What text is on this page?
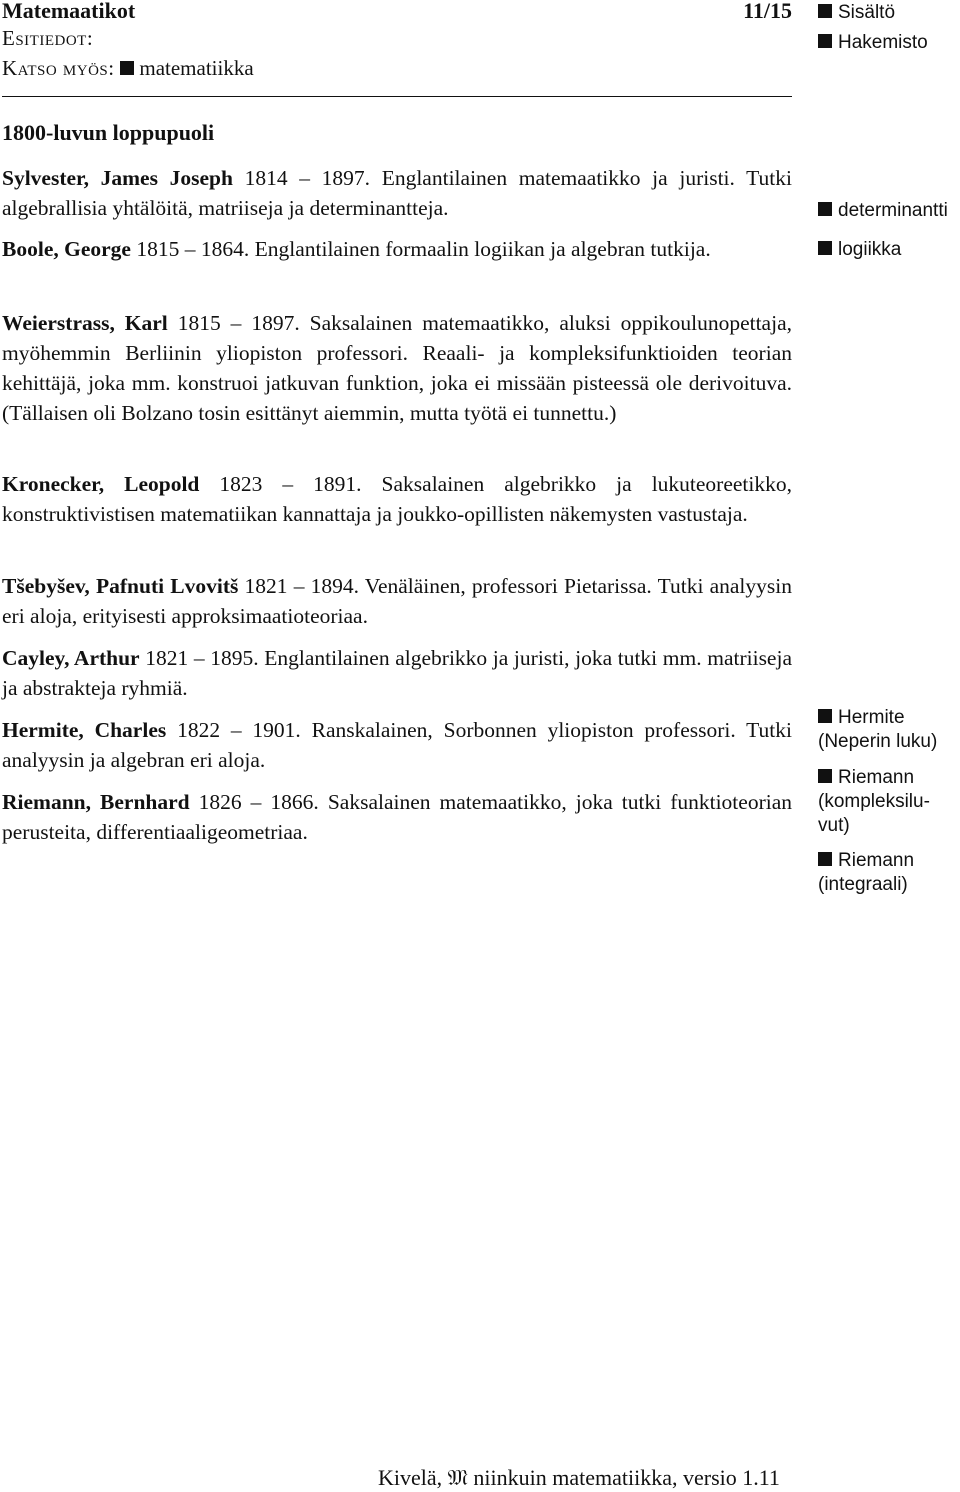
Matemaatikot	11/15
Esitiedot:
Katso myös: matematiikka
1800-luvun loppupuoli
Sylvester, James Joseph 1814 – 1897. Englantilainen matemaatikko ja juristi. Tutki algebrallisia yhtälöitä, matriiseja ja determinantteja.
Boole, George 1815 – 1864. Englantilainen formaalin logiikan ja algebran tutkija.
Weierstrass, Karl 1815 – 1897. Saksalainen matemaatikko, aluksi oppikoulunopettaja, myöhemmin Berliinin yliopiston professori. Reaali- ja kompleksifunktioiden teorian kehittäjä, joka mm. konstruoi jatkuvan funktion, joka ei missään pisteessä ole derivoituva. (Tällaisen oli Bolzano tosin esittänyt aiemmin, mutta työtä ei tunnettu.)
Kronecker, Leopold 1823 – 1891. Saksalainen algebrikko ja lukuteoreetikko, konstruktivistisen matematiikan kannattaja ja joukko-opillisten näkemysten vastustaja.
Tšebyšev, Pafnuti Lvovitš 1821 – 1894. Venäläinen, professori Pietarissa. Tutki analyysin eri aloja, erityisesti approksimaatioteoriaa.
Cayley, Arthur 1821 – 1895. Englantilainen algebrikko ja juristi, joka tutki mm. matriiseja ja abstrakteja ryhmiä.
Hermite, Charles 1822 – 1901. Ranskalainen, Sorbonnen yliopiston professori. Tutki analyysin ja algebran eri aloja.
Riemann, Bernhard 1826 – 1866. Saksalainen matemaatikko, joka tutki funktioteorian perusteita, differentiaaligeometriaa.
Sisältö
Hakemisto
determinantti
logiikka
Hermite
(Neperin luku)
Riemann
(kompleksilu-
vut)
Riemann
(integraali)
Kivelä, 𝔐 niinkuin matematiikka, versio 1.11
